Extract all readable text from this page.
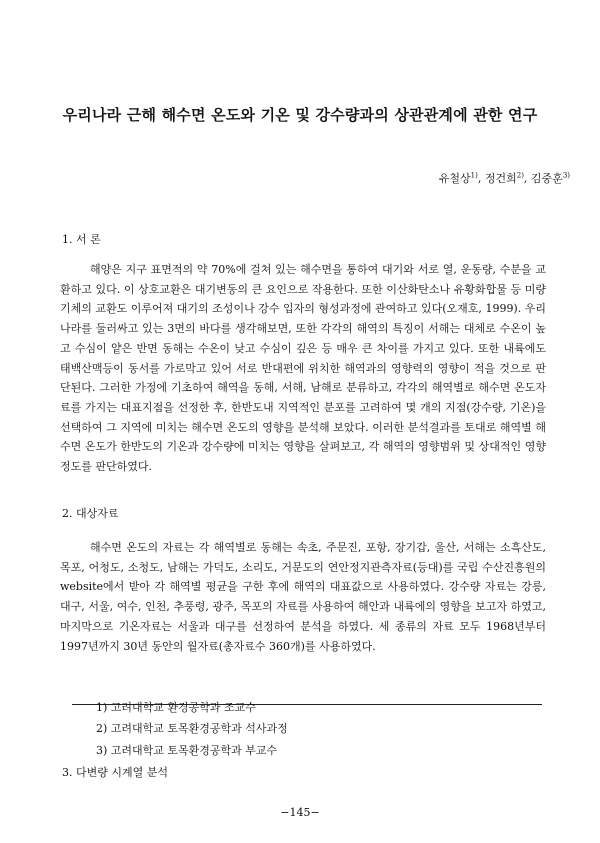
우리나라 근해 해수면 온도와 기온 및 강수량과의 상관관계에 관한 연구
유철상$^{1)}$, 정건희$^{2)}$, 김중훈$^{3)}$
1. 서 론

해양은 지구 표면적의 약 70%에 걸쳐 있는 해수면을 통하여 대기와 서로 열, 운동량, 수분을 교환하고 있다. 이 상호교환은 대기변동의 큰 요인으로 작용한다. 또한 이산화탄소나 유황화합물 등 미량 기체의 교환도 이루어져 대기의 조성이나 강수 입자의 형성과정에 관여하고 있다(오재호, 1999). 우리나라를 둘러싸고 있는 3면의 바다를 생각해보면, 또한 각각의 해역의 특징이 서해는 대체로 수온이 높고 수심이 얕은 반면 동해는 수온이 낮고 수심이 깊은 등 매우 큰 차이를 가지고 있다. 또한 내륙에도 태백산맥등이 동서를 가로막고 있어 서로 반대편에 위치한 해역과의 영향력의 영향이 적을 것으로 판단된다. 그러한 가정에 기초하여 해역을 동해, 서해, 남해로 분류하고, 각각의 해역별로 해수면 온도자료를 가지는 대표지점을 선정한 후, 한반도내 지역적인 분포를 고려하여 몇 개의 지점(강수량, 기온)을 선택하여 그 지역에 미치는 해수면 온도의 영향을 분석해 보았다. 이러한 분석결과를 토대로 해역별 해수면 온도가 한반도의 기온과 강수량에 미치는 영향을 살펴보고, 각 해역의 영향범위 및 상대적인 영향 정도를 판단하였다.

2. 대상자료

해수면 온도의 자료는 각 해역별로 동해는 속초, 주문진, 포항, 장기갑, 울산, 서해는 소흑산도, 목포, 어청도, 소청도, 남해는 가덕도, 소리도, 거문도의 연안정지관측자료(등대)를 국립 수산진흥원의 website에서 받아 각 해역별 평균을 구한 후에 해역의 대표값으로 사용하였다. 강수량 자료는 강릉, 대구, 서울, 여수, 인천, 추풍령, 광주, 목포의 자료를 사용하여 해안과 내륙에의 영향을 보고자 하였고, 마지막으로 기온자료는 서울과 대구를 선정하여 분석을 하였다. 세 종류의 자료 모두 1968년부터 1997년까지 30년 동안의 월자료(총자료수 360개)를 사용하였다.

1) 고려대학교 환경공학과 조교수
2) 고려대학교 토목환경공학과 석사과정
3) 고려대학교 토목환경공학과 부교수
3. 다변량 시계열 분석
−145−
